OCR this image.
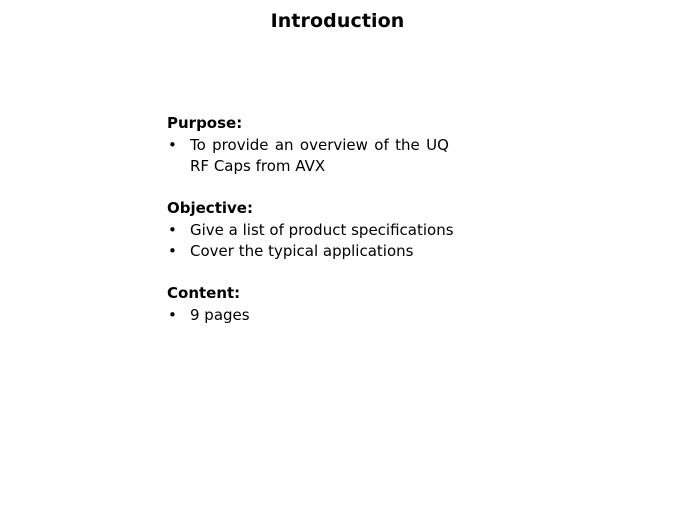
Introduction
Purpose:
• To provide an overview of the UQ
RF Caps from AVX
Objective:
• Give a list of product specifications
• Cover the typical applications
Content:
• 9 pages
